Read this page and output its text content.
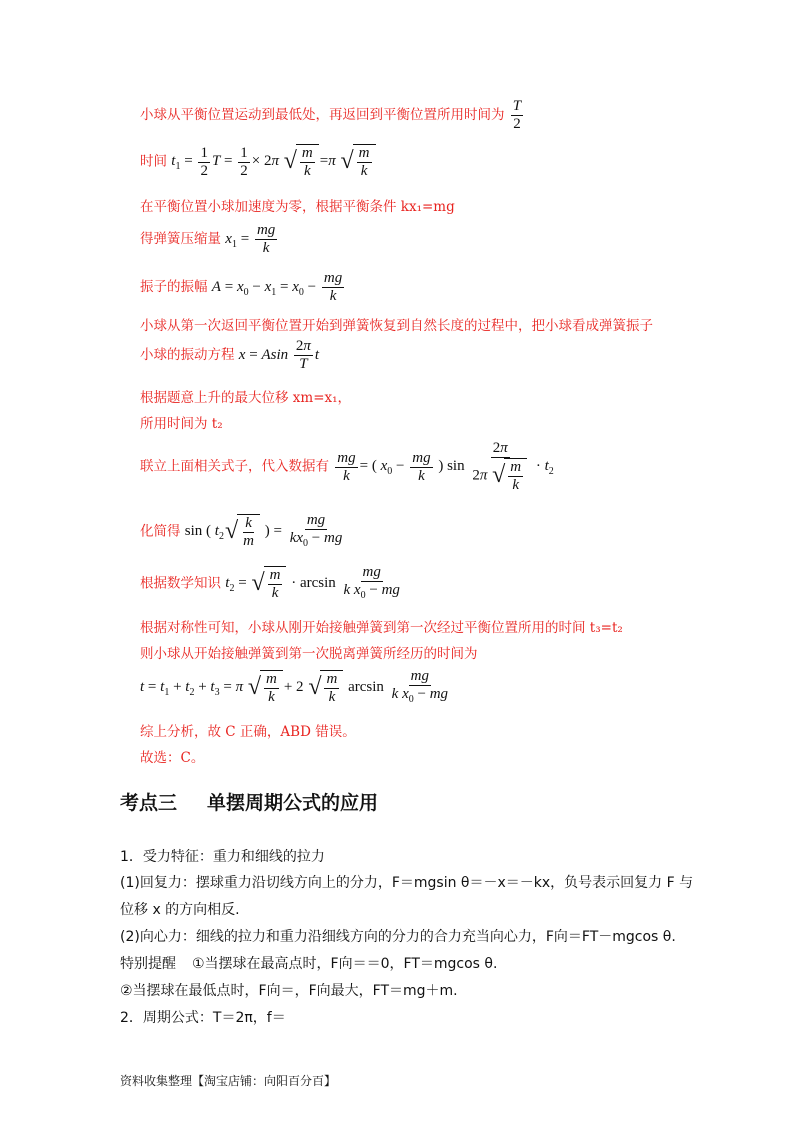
小球从平衡位置运动到最低处，再返回到平衡位置所用时间为 $\frac{T}{2}$
时间 $t_1 = \frac{1}{2}$ $T = \frac{1}{2} \times 2\pi$ √ $\frac{m}{k} =\pi$ √ $\frac{m}{k}$
在平衡位置小球加速度为零，根据平衡条件 kx₁=mg
得弹簧压缩量 $x_1 = \frac{mg}{k}$
振子的振幅 $A = x_0 - x_1 = x_0 - \frac{mg}{k}$
小球从第一次返回平衡位置开始到弹簧恢复到自然长度的过程中，把小球看成弹簧振子
小球的振动方程 x = Asin $\frac{2\pi}{T}$ t
根据题意上升的最大位移 xm=x₁，
所用时间为 t₂
联立上面相关式子，代入数据有 $\frac{mg}{k}$ = ( $x_0 - \frac{mg}{k}$ ) $\sin \frac{2\pi}{2\pi √ \frac{m}{k}} \cdot t_2$
化简得 sin ( $t_2$ √ $\frac{k}{m}$ ) = $\frac{mg}{kx_0 - mg}$
根据数学知识 $t_2$ = √ $\frac{m}{k} \cdot \arcsin \frac{mg}{k x_0 - mg}$
根据对称性可知，小球从刚开始接触弹簧到第一次经过平衡位置所用的时间 t₃=t₂
则小球从开始接触弹簧到第一次脱离弹簧所经历的时间为
$t = t_1 + t_2 + t_3 = \pi$ √ $\frac{m}{k} + 2$ √ $\frac{m}{k}$ $\arcsin \frac{mg}{k x_0 - mg}$
综上分析，故 C 正确，ABD 错误。
故选：C。
考点三 单摆周期公式的应用
1．受力特征：重力和细线的拉力
(1)回复力：摆球重力沿切线方向上的分力，F＝mgsin θ＝－x＝－kx，负号表示回复力 F 与
位移 x 的方向相反.
(2)向心力：细线的拉力和重力沿细线方向的分力的合力充当向心力，F向＝FT－mgcos θ.
特别提醒 ①当摆球在最高点时，F向＝＝0，FT＝mgcos θ.
②当摆球在最低点时，F向＝，F向最大，FT＝mg＋m.
2．周期公式：T＝2π，f＝
资料收集整理【淘宝店铺：向阳百分百】
